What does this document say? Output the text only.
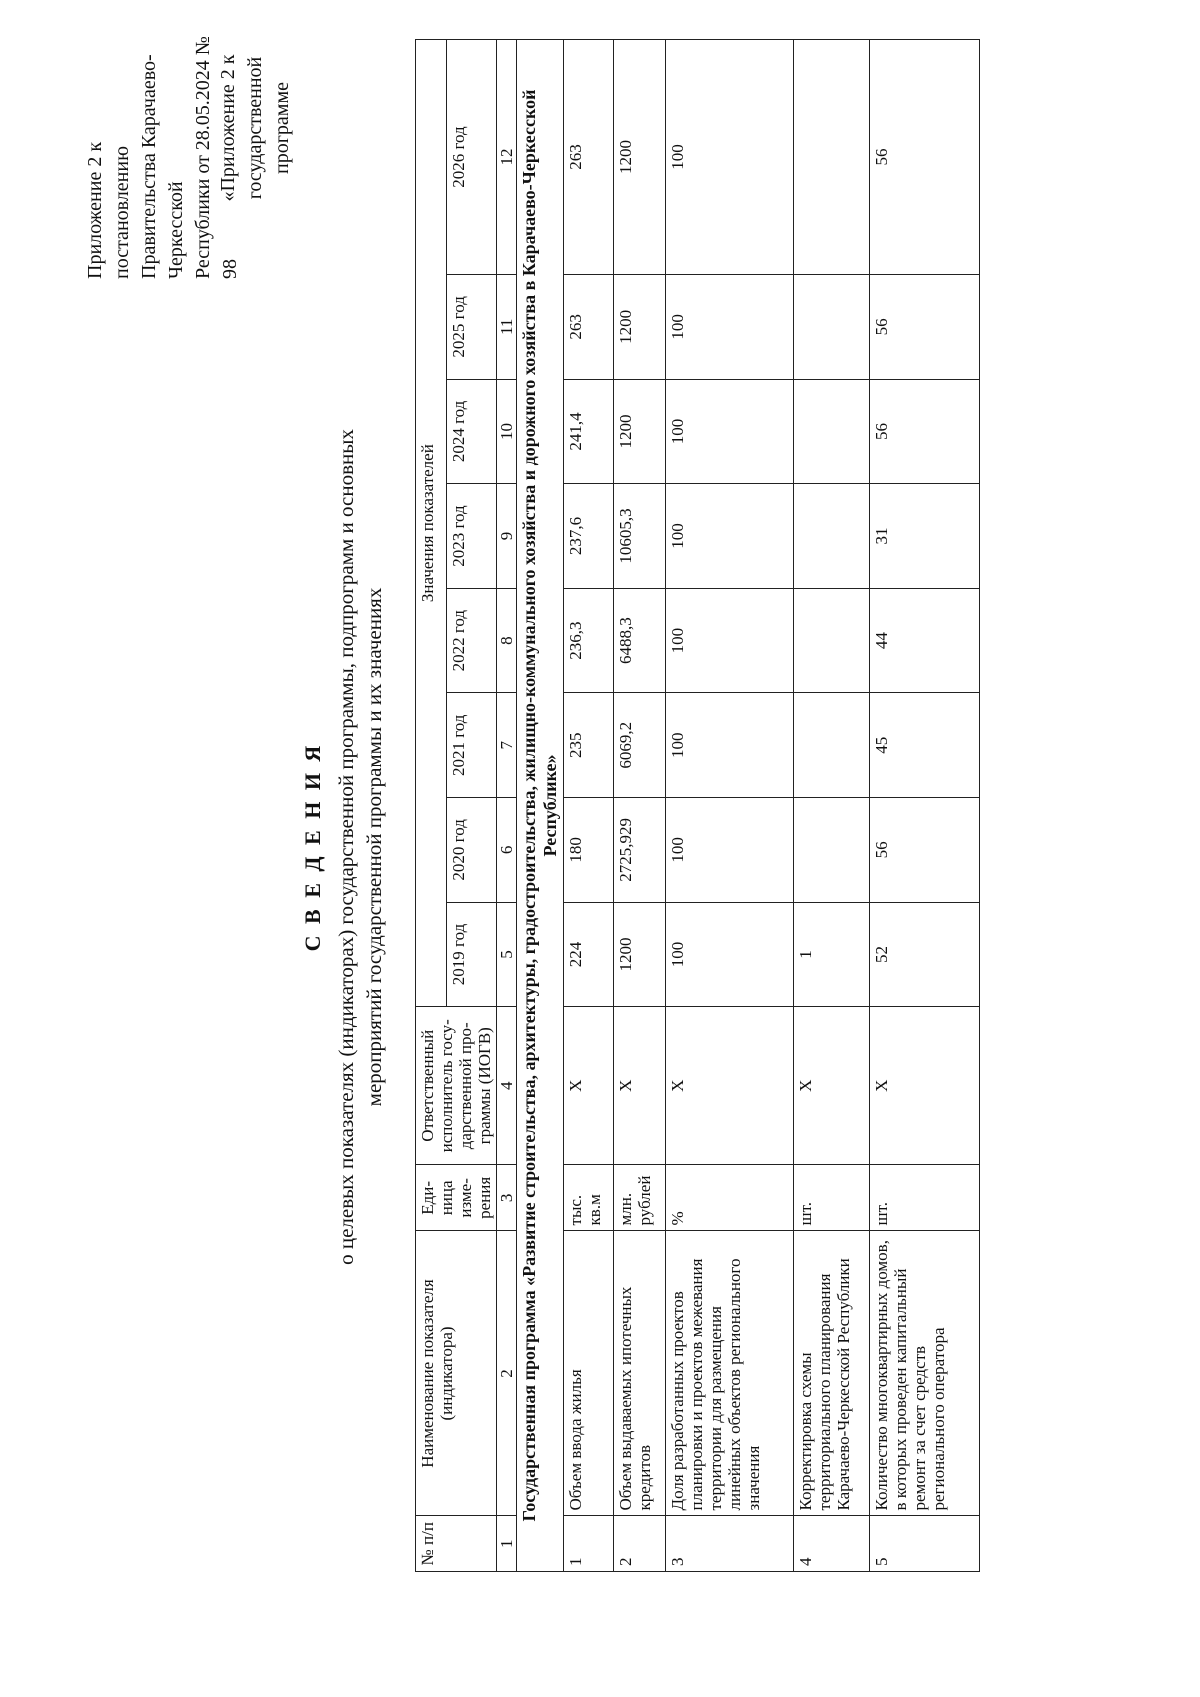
Приложение 2 к постановлению Правительства Карачаево-Черкесской Республики от 28.05.2024 № 98
«Приложение 2 к государственной программе
С В Е Д Е Н И Я о целевых показателях (индикаторах) государственной программы, подпрограмм и основных мероприятий государственной программы и их значениях
№ п/п	Наименование показателя (индикатора)	Еди-ница изме-рения	Ответственный исполнитель госу-дарственной про-граммы (ИОГВ)	Значения показателей							
				2019 год	2020 год	2021 год	2022 год	2023 год	2024 год	2025 год	2026 год
1	2	3	4	5	6	7	8	9	10	11	12
Государственная программа «Развитие строительства, архитектуры, градостроительства, жилищно-коммунального хозяйства и дорожного хозяйства в Карачаево-Черкесской Республике»											
1	Объем ввода жилья	тыс. кв.м	Х	224	180	235	236,3	237,6	241,4	263	263
2	Объем выдаваемых ипотечных кредитов	млн. рублей	Х	1200	2725,929	6069,2	6488,3	10605,3	1200	1200	1200
3	Доля разработанных проектов планировки и проектов межевания территории для размещения линейных объектов регионального значения	%	Х	100	100	100	100	100	100	100	100
4	Корректировка схемы территориального планирования Карачаево-Черкесской Республики	шт.	Х	1							
5	Количество многоквартирных домов, в которых проведен капитальный ремонт за счет средств регионального оператора	шт.	Х	52	56	45	44	31	56	56	56
